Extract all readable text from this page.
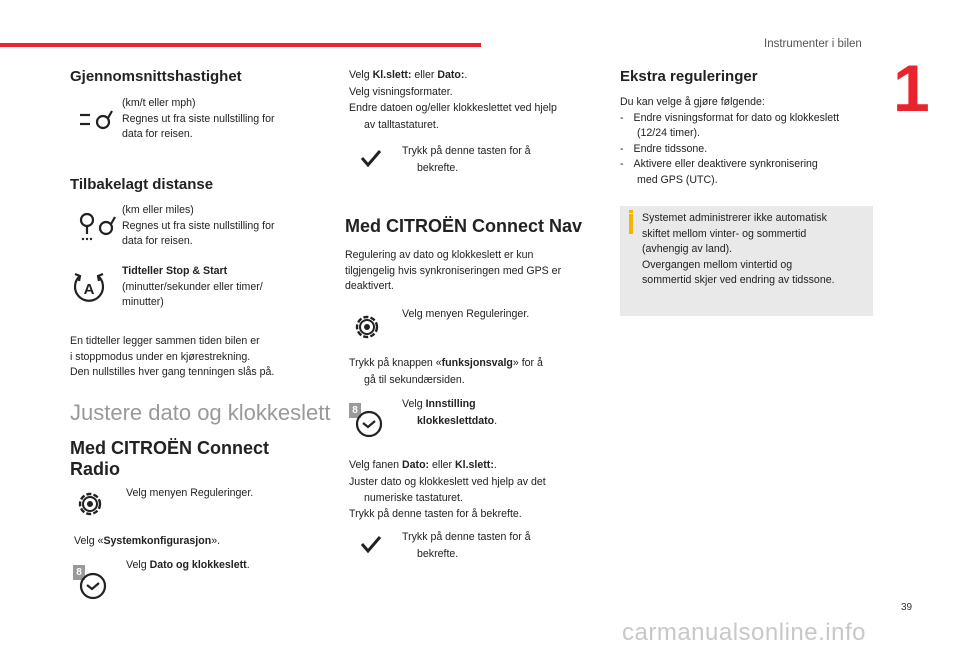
Instrumenter i bilen
1
Gjennomsnittshastighet
(km/t eller mph)
Regnes ut fra siste nullstilling for
data for reisen.
Tilbakelagt distanse
(km eller miles)
Regnes ut fra siste nullstilling for
data for reisen.
A
Tidteller Stop & Start
(minutter/sekunder eller timer/
minutter)
En tidteller legger sammen tiden bilen er
i stoppmodus under en kjørestrekning.
Den nullstilles hver gang tenningen slås på.
Justere dato og klokkeslett
Med CITROËN Connect
Radio
Velg menyen Reguleringer.
Velg «Systemkonfigurasjon».
8
Velg Dato og klokkeslett.
Velg Kl.slett: eller Dato:.
Velg visningsformater.
Endre datoen og/eller klokkeslettet ved hjelp
av talltastaturet.
Trykk på denne tasten for å
bekrefte.
Med CITROËN Connect Nav
Regulering av dato og klokkeslett er kun
tilgjengelig hvis synkroniseringen med GPS er
deaktivert.
Velg menyen Reguleringer.
Trykk på knappen «funksjonsvalg» for å
gå til sekundærsiden.
8
Velg Innstilling
klokkeslettdato.
Velg fanen Dato: eller Kl.slett:.
Juster dato og klokkeslett ved hjelp av det
numeriske tastaturet.
Trykk på denne tasten for å bekrefte.
Trykk på denne tasten for å
bekrefte.
Ekstra reguleringer
Du kan velge å gjøre følgende:
- Endre visningsformat for dato og klokkeslett
(12/24 timer).
- Endre tidssone.
- Aktivere eller deaktivere synkronisering
med GPS (UTC).
Systemet administrerer ikke automatisk
skiftet mellom vinter- og sommertid
(avhengig av land).
Overgangen mellom vintertid og
sommertid skjer ved endring av tidssone.
39
carmanualsonline.info
